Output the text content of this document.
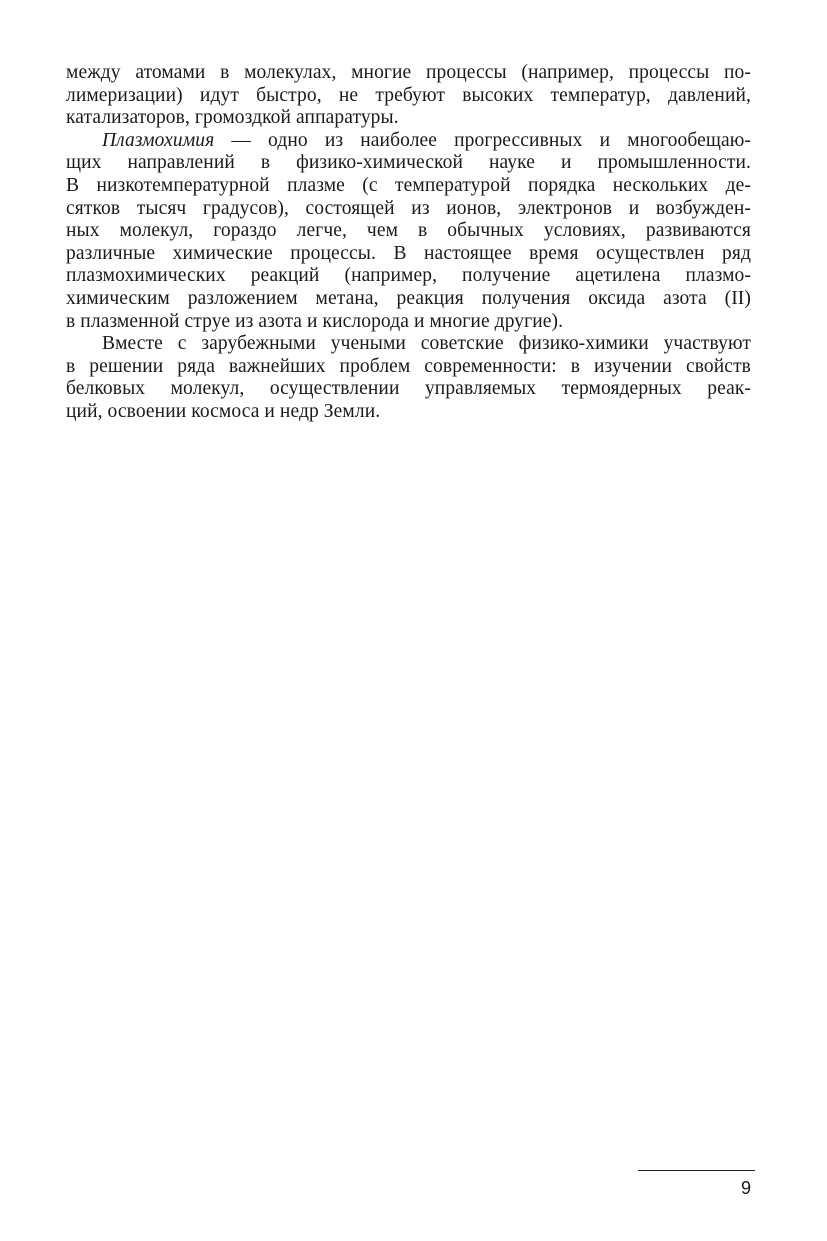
между атомами в молекулах, многие процессы (например, процессы по-
лимеризации) идут быстро, не требуют высоких температур, давлений,
катализаторов, громоздкой аппаратуры.
Плазмохимия — одно из наиболее прогрессивных и многообещаю-
щих направлений в физико-химической науке и промышленности.
В низкотемпературной плазме (с температурой порядка нескольких де-
сятков тысяч градусов), состоящей из ионов, электронов и возбужден-
ных молекул, гораздо легче, чем в обычных условиях, развиваются
различные химические процессы. В настоящее время осуществлен ряд
плазмохимических реакций (например, получение ацетилена плазмо-
химическим разложением метана, реакция получения оксида азота (II)
в плазменной струе из азота и кислорода и многие другие).
Вместе с зарубежными учеными советские физико-химики участвуют
в решении ряда важнейших проблем современности: в изучении свойств
белковых молекул, осуществлении управляемых термоядерных реак-
ций, освоении космоса и недр Земли.
9
